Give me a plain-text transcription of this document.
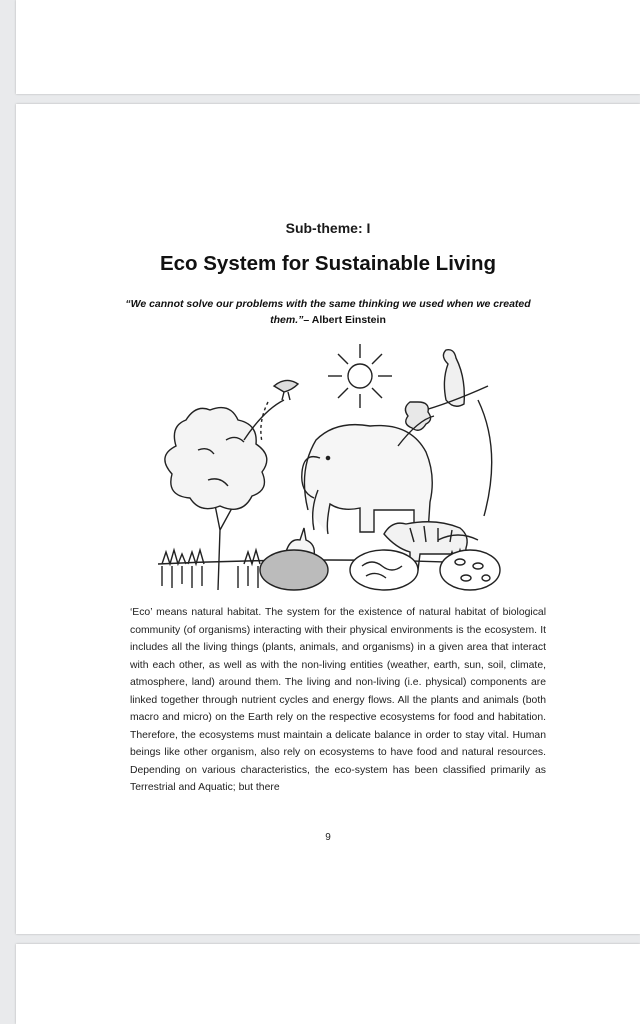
Sub-theme: I
Eco System for Sustainable Living
“We cannot solve our problems with the same thinking we used when we created them.”– Albert Einstein
‘Eco’ means natural habitat. The system for the existence of natural habitat of biological community (of organisms) interacting with their physical environments is the ecosystem. It includes all the living things (plants, animals, and organisms) in a given area that interact with each other, as well as with the non-living entities (weather, earth, sun, soil, climate, atmosphere, land) around them. The living and non-living (i.e. physical) components are linked together through nutrient cycles and energy flows. All the plants and animals (both macro and micro) on the Earth rely on the respective ecosystems for food and habitation. Therefore, the ecosystems must maintain a delicate balance in order to stay vital. Human beings like other organism, also rely on ecosystems to have food and natural resources. Depending on various characteristics, the eco-system has been classified primarily as Terrestrial and Aquatic; but there
9
